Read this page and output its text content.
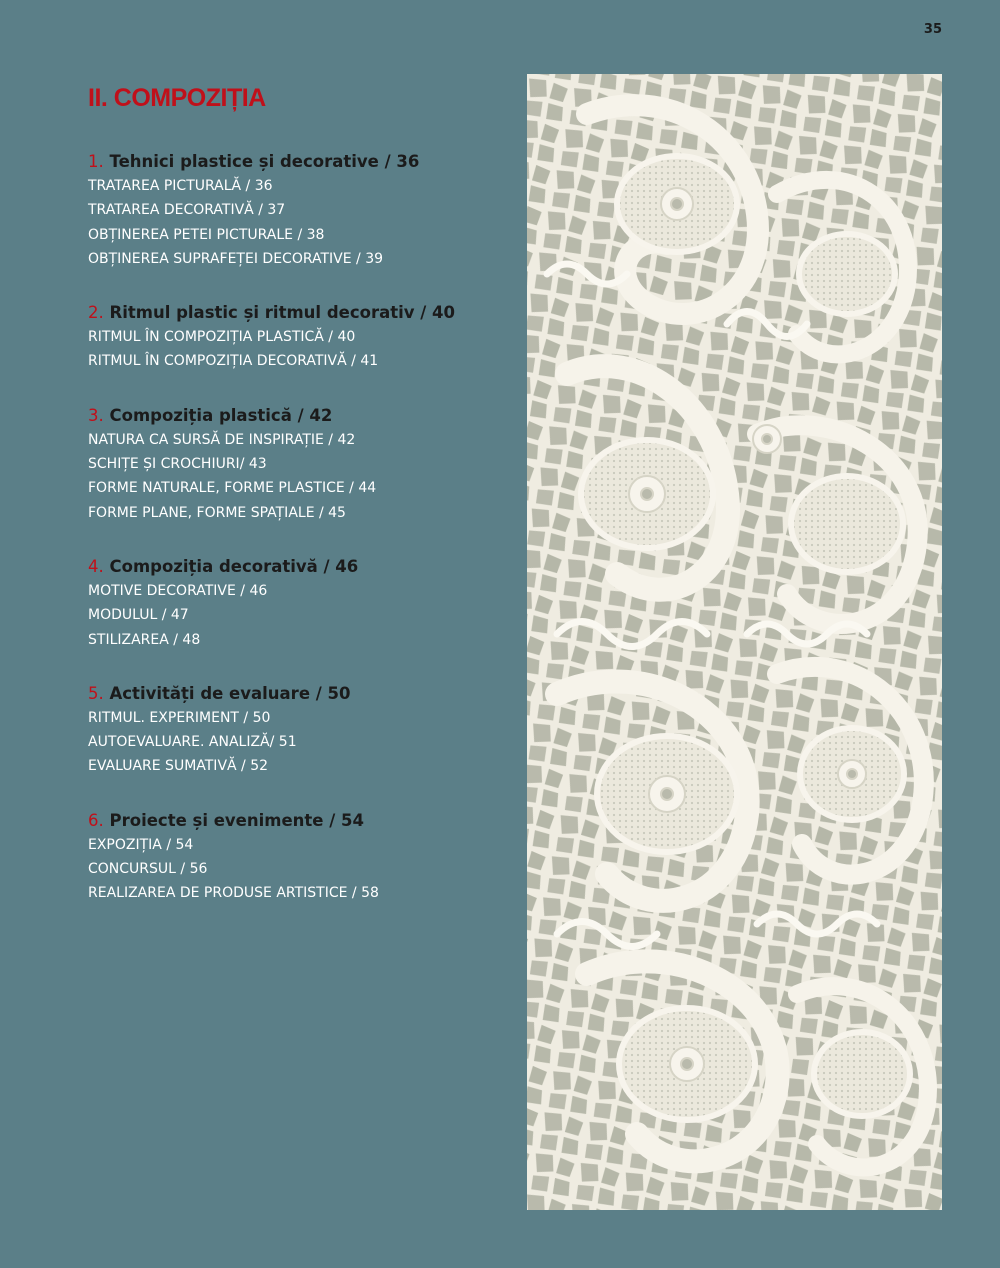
35
II. COMPOZIȚIA
1. Tehnici plastice și decorative / 36
TRATAREA PICTURALĂ / 36
TRATAREA DECORATIVĂ / 37
OBȚINEREA PETEI PICTURALE / 38
OBȚINEREA SUPRAFEȚEI DECORATIVE / 39
2. Ritmul plastic și ritmul decorativ / 40
RITMUL ÎN COMPOZIȚIA PLASTICĂ / 40
RITMUL ÎN COMPOZIȚIA DECORATIVĂ / 41
3. Compoziția plastică / 42
NATURA CA SURSĂ DE INSPIRAȚIE / 42
SCHIȚE ȘI CROCHIURI/ 43
FORME NATURALE, FORME PLASTICE / 44
FORME PLANE, FORME SPAȚIALE / 45
4. Compoziția decorativă / 46
MOTIVE DECORATIVE / 46
MODULUL / 47
STILIZAREA / 48
5. Activități de evaluare / 50
RITMUL. EXPERIMENT / 50
AUTOEVALUARE. ANALIZĂ/ 51
EVALUARE SUMATIVĂ / 52
6. Proiecte și evenimente / 54
EXPOZIȚIA / 54
CONCURSUL / 56
REALIZAREA DE PRODUSE ARTISTICE / 58
